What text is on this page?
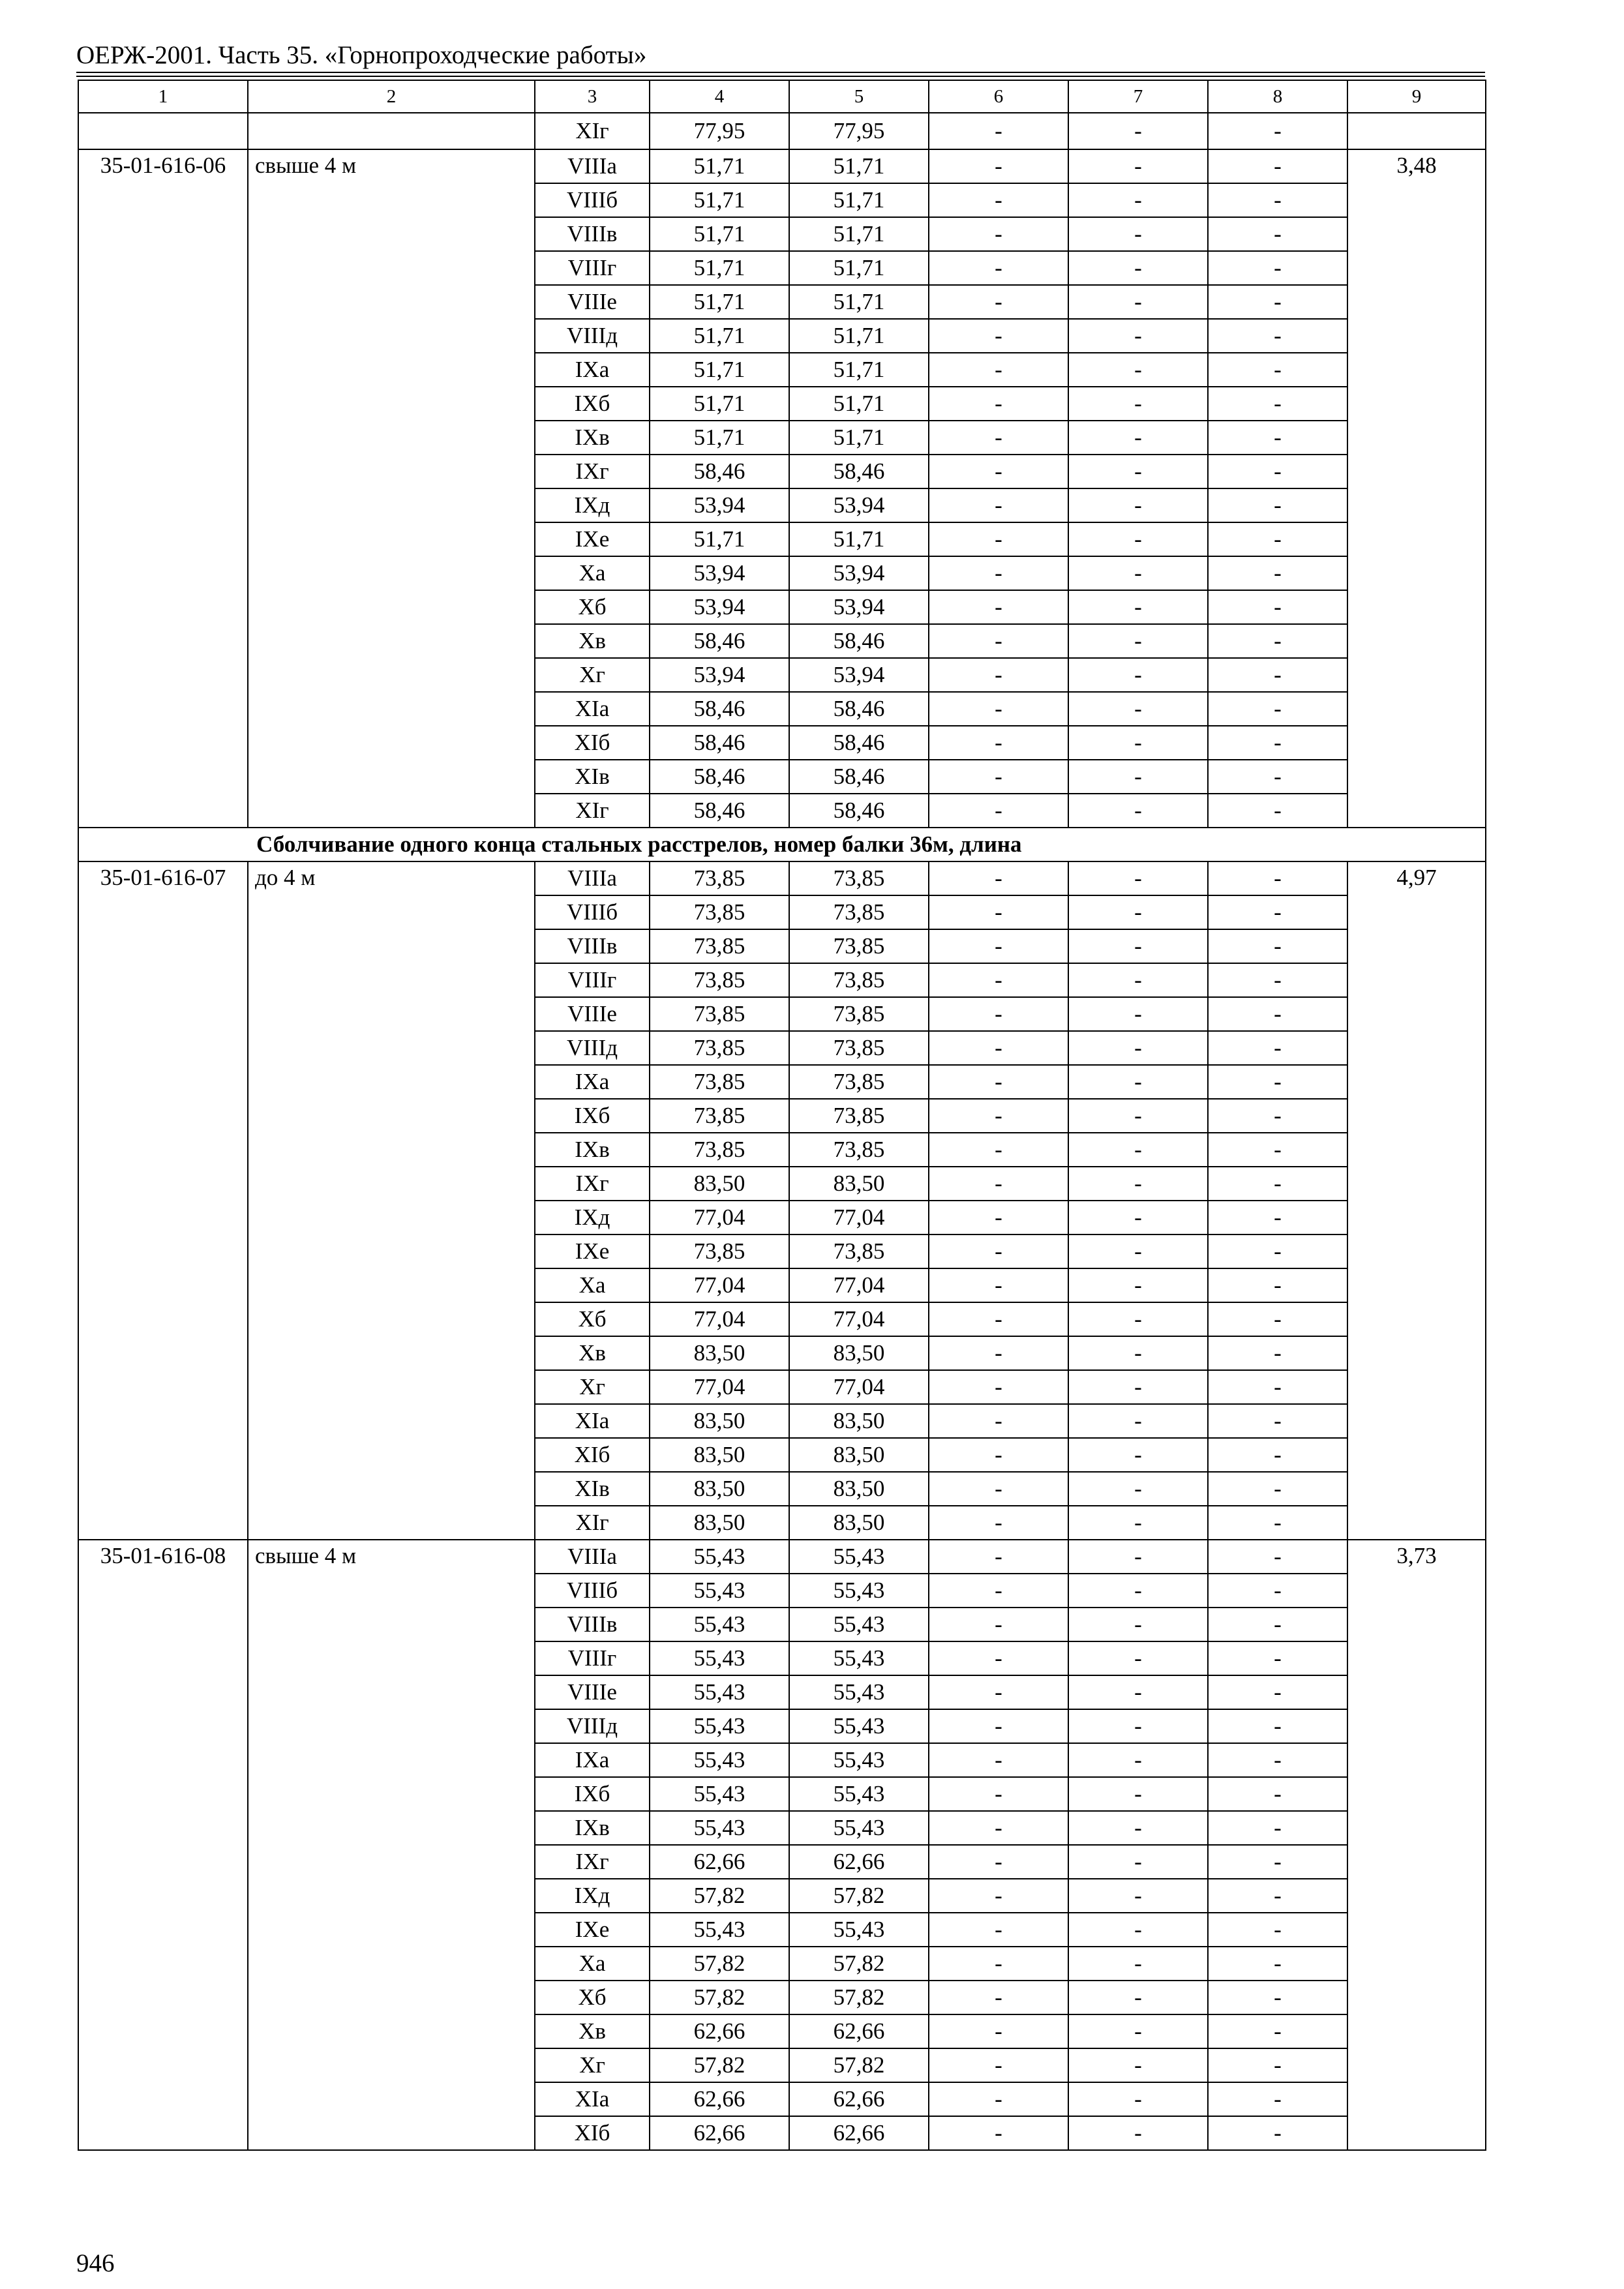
ОЕРЖ-2001. Часть 35. «Горнопроходческие работы»
1	2	3	4	5	6	7	8	9
		XIг	77,95	77,95	-	-	-	
35-01-616-06	свыше 4 м	VIIIа	51,71	51,71	-	-	-	3,48
		VIIIб	51,71	51,71	-	-	-	
		VIIIв	51,71	51,71	-	-	-	
		VIIIг	51,71	51,71	-	-	-	
		VIIIе	51,71	51,71	-	-	-	
		VIIIд	51,71	51,71	-	-	-	
		IXа	51,71	51,71	-	-	-	
		IXб	51,71	51,71	-	-	-	
		IXв	51,71	51,71	-	-	-	
		IXг	58,46	58,46	-	-	-	
		IXд	53,94	53,94	-	-	-	
		IXе	51,71	51,71	-	-	-	
		Xа	53,94	53,94	-	-	-	
		Xб	53,94	53,94	-	-	-	
		Xв	58,46	58,46	-	-	-	
		Xг	53,94	53,94	-	-	-	
		XIа	58,46	58,46	-	-	-	
		XIб	58,46	58,46	-	-	-	
		XIв	58,46	58,46	-	-	-	
		XIг	58,46	58,46	-	-	-	
Сболчивание одного конца стальных расстрелов, номер балки 36м, длина								
35-01-616-07	до 4 м	VIIIа	73,85	73,85	-	-	-	4,97
		VIIIб	73,85	73,85	-	-	-	
		VIIIв	73,85	73,85	-	-	-	
		VIIIг	73,85	73,85	-	-	-	
		VIIIе	73,85	73,85	-	-	-	
		VIIIд	73,85	73,85	-	-	-	
		IXа	73,85	73,85	-	-	-	
		IXб	73,85	73,85	-	-	-	
		IXв	73,85	73,85	-	-	-	
		IXг	83,50	83,50	-	-	-	
		IXд	77,04	77,04	-	-	-	
		IXе	73,85	73,85	-	-	-	
		Xа	77,04	77,04	-	-	-	
		Xб	77,04	77,04	-	-	-	
		Xв	83,50	83,50	-	-	-	
		Xг	77,04	77,04	-	-	-	
		XIа	83,50	83,50	-	-	-	
		XIб	83,50	83,50	-	-	-	
		XIв	83,50	83,50	-	-	-	
		XIг	83,50	83,50	-	-	-	
35-01-616-08	свыше 4 м	VIIIа	55,43	55,43	-	-	-	3,73
		VIIIб	55,43	55,43	-	-	-	
		VIIIв	55,43	55,43	-	-	-	
		VIIIг	55,43	55,43	-	-	-	
		VIIIе	55,43	55,43	-	-	-	
		VIIIд	55,43	55,43	-	-	-	
		IXа	55,43	55,43	-	-	-	
		IXб	55,43	55,43	-	-	-	
		IXв	55,43	55,43	-	-	-	
		IXг	62,66	62,66	-	-	-	
		IXд	57,82	57,82	-	-	-	
		IXе	55,43	55,43	-	-	-	
		Xа	57,82	57,82	-	-	-	
		Xб	57,82	57,82	-	-	-	
		Xв	62,66	62,66	-	-	-	
		Xг	57,82	57,82	-	-	-	
		XIа	62,66	62,66	-	-	-	
		XIб	62,66	62,66	-	-	-	
946
